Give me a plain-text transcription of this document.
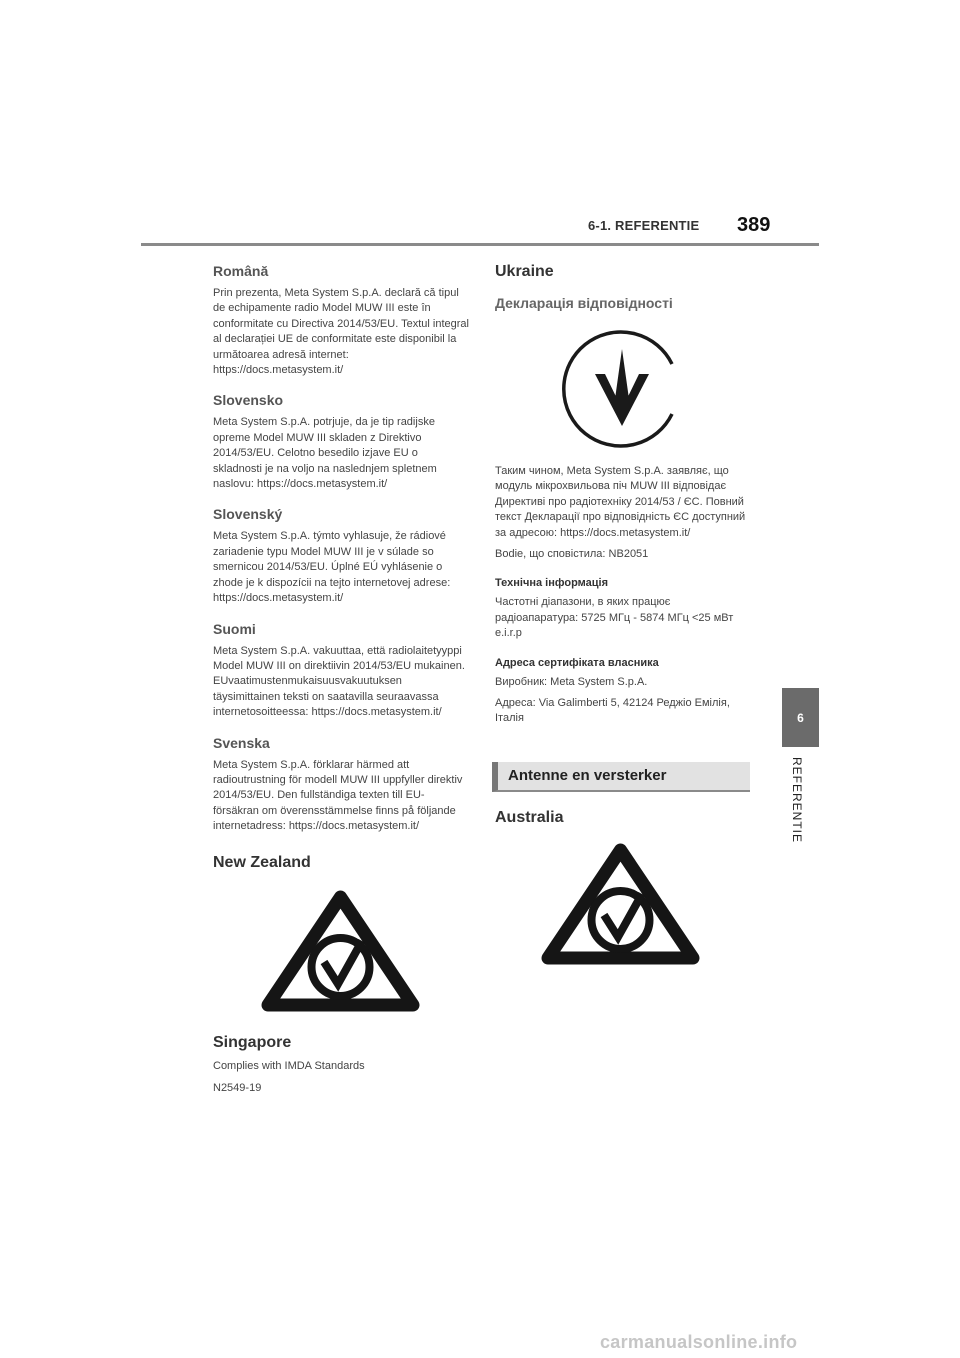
6-1. REFERENTIE 389
6
REFERENTIE

Română

Prin prezenta, Meta System S.p.A. declară că tipul de echipamente radio Model MUW III este în conformitate cu Directiva 2014/53/EU. Textul integral al declarației UE de conformitate este disponibil la următoarea adresă internet: https://docs.metasystem.it/

Slovensko

Meta System S.p.A. potrjuje, da je tip radijske opreme Model MUW III skladen z Direktivo 2014/53/EU. Celotno besedilo izjave EU o skladnosti je na voljo na naslednjem spletnem naslovu: https://docs.metasystem.it/

Slovenský

Meta System S.p.A. týmto vyhlasuje, že rádiové zariadenie typu Model MUW III je v súlade so smernicou 2014/53/EU. Úplné EÚ vyhlásenie o zhode je k dispozícii na tejto internetovej adrese: https://docs.metasystem.it/

Suomi

Meta System S.p.A. vakuuttaa, että radiolaitetyyppi Model MUW III on direktiivin 2014/53/EU mukainen. EUvaatimustenmukaisuusvakuutuksen täysimittainen teksti on saatavilla seuraavassa internetosoitteessa: https://docs.metasystem.it/

Svenska

Meta System S.p.A. förklarar härmed att radioutrustning för modell MUW III uppfyller direktiv 2014/53/EU. Den fullständiga texten till EU-försäkran om överensstämmelse finns på följande internetadress: https://docs.metasystem.it/

New Zealand

Singapore

Complies with IMDA Standards

N2549-19

Ukraine

Декларація відповідності

Таким чином, Meta System S.p.A. заявляє, що модуль мікрохвильова піч MUW III відповідає Директиві про радіотехніку 2014/53 / ЄС. Повний текст Декларації про відповідність ЄС доступний за адресою: https://docs.metasystem.it/

Bodie, що сповістила: NB2051

Технічна інформація

Частотні діапазони, в яких працює радіоапаратура: 5725 МГц - 5874 МГц <25 мВт e.i.r.p

Адреса сертифіката власника

Виробник: Meta System S.p.A.

Адреса: Via Galimberti 5, 42124 Реджіо Емілія, Італія

Antenne en versterker

Australia

carmanualsonline.info
